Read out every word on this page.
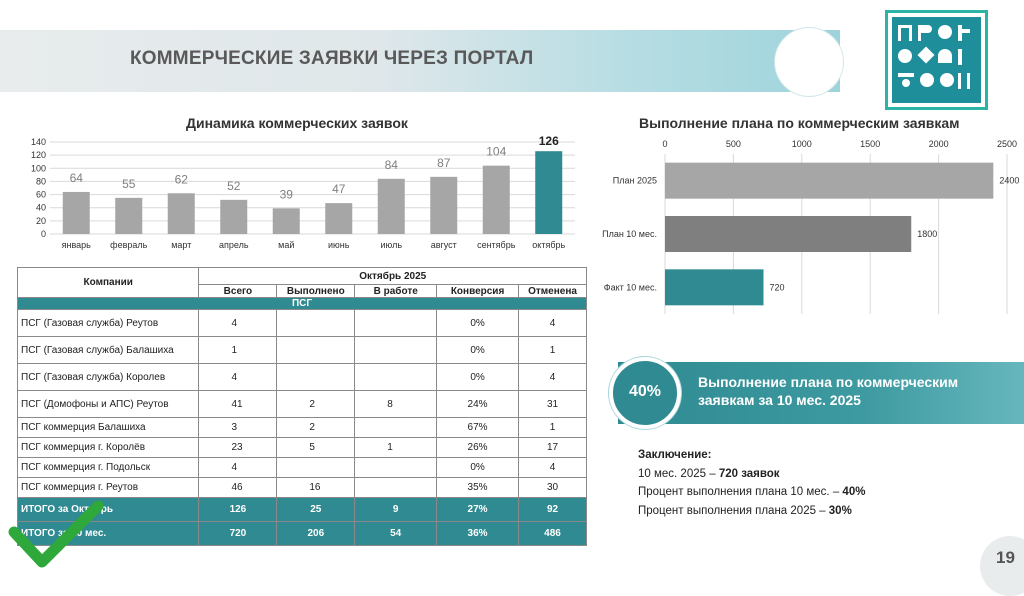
КОММЕРЧЕСКИЕ ЗАЯВКИ ЧЕРЕЗ ПОРТАЛ
Динамика коммерческих заявок
0
20
40
60
80
100
120
140
64
январь
55
февраль
62
март
52
апрель
39
май
47
июнь
84
июль
87
август
104
сентябрь
126
октябрь
Выполнение плана по коммерческим заявкам
0	500	1000	1500	2000	2500
План 2025	2400
План 10 мес.	1800
Факт 10 мес.	720
Компании	Октябрь 2025				
	Всего	Выполнено	В работе	Конверсия	Отменена
ПСГ					
ПСГ (Газовая служба) Реутов	4			0%	4
ПСГ (Газовая служба) Балашиха	1			0%	1
ПСГ (Газовая служба) Королев	4			0%	4
ПСГ (Домофоны и АПС) Реутов	41	2	8	24%	31
ПСГ коммерция Балашиха	3	2		67%	1
ПСГ коммерция г. Королёв	23	5	1	26%	17
ПСГ коммерция г. Подольск	4			0%	4
ПСГ коммерция г. Реутов	46	16		35%	30
ИТОГО за Октябрь	126	25	9	27%	92
ИТОГО за 10 мес.	720	206	54	36%	486
40%
Выполнение плана по коммерческим заявкам за 10 мес. 2025
Заключение:
10 мес. 2025 – 720 заявок
Процент выполнения плана 10 мес. – 40%
Процент выполнения плана 2025 – 30%
19
